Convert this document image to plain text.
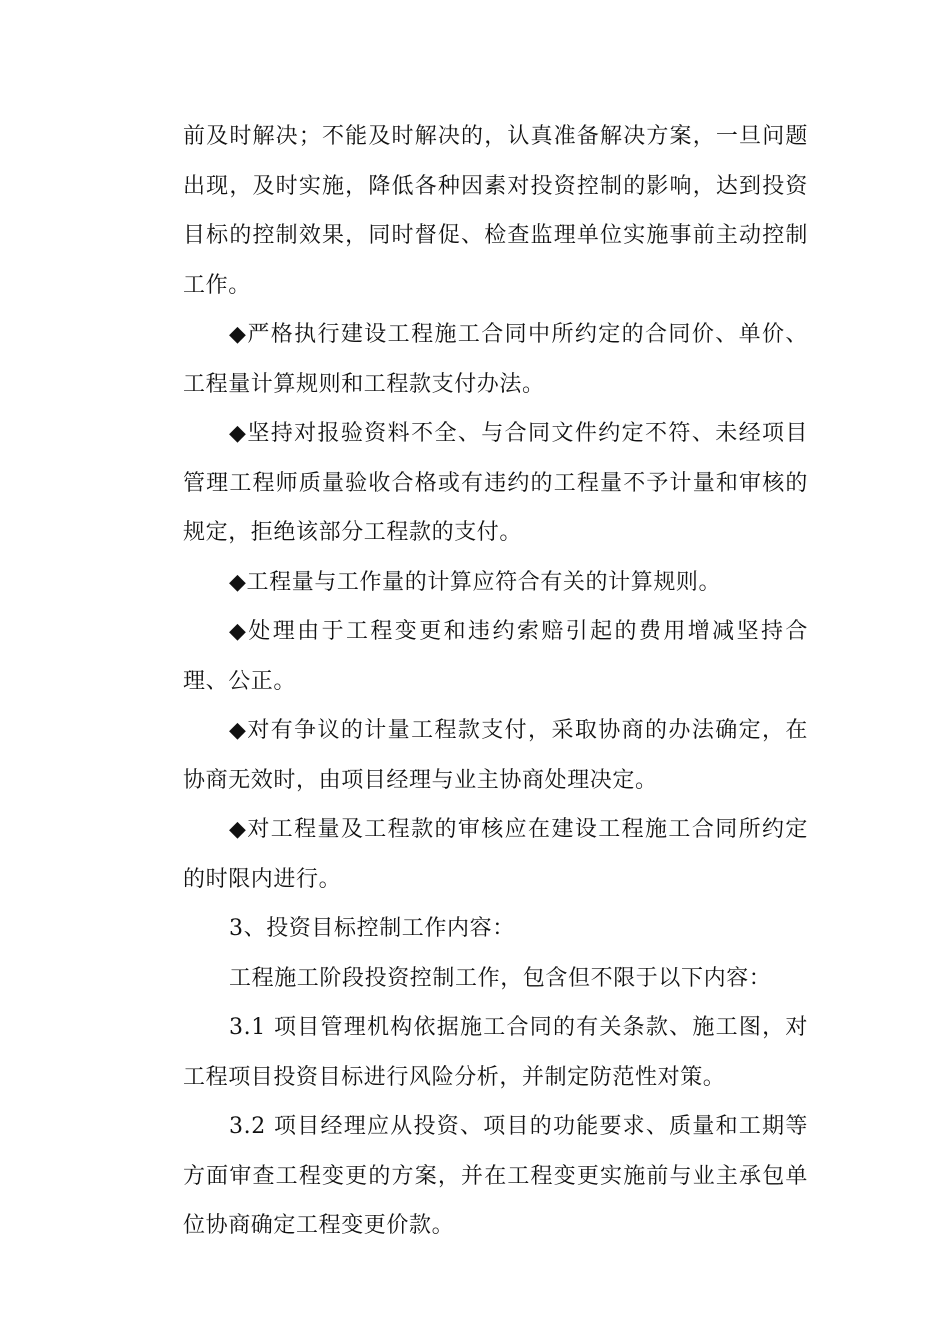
前及时解决；不能及时解决的，认真准备解决方案，一旦问题出现，及时实施，降低各种因素对投资控制的影响，达到投资目标的控制效果，同时督促、检查监理单位实施事前主动控制工作。

◆严格执行建设工程施工合同中所约定的合同价、单价、工程量计算规则和工程款支付办法。

◆坚持对报验资料不全、与合同文件约定不符、未经项目管理工程师质量验收合格或有违约的工程量不予计量和审核的规定，拒绝该部分工程款的支付。

◆工程量与工作量的计算应符合有关的计算规则。

◆处理由于工程变更和违约索赔引起的费用增减坚持合理、公正。

◆对有争议的计量工程款支付，采取协商的办法确定，在协商无效时，由项目经理与业主协商处理决定。

◆对工程量及工程款的审核应在建设工程施工合同所约定的时限内进行。

3、投资目标控制工作内容：

工程施工阶段投资控制工作，包含但不限于以下内容：

3.1 项目管理机构依据施工合同的有关条款、施工图，对工程项目投资目标进行风险分析，并制定防范性对策。

3.2 项目经理应从投资、项目的功能要求、质量和工期等方面审查工程变更的方案，并在工程变更实施前与业主承包单位协商确定工程变更价款。
